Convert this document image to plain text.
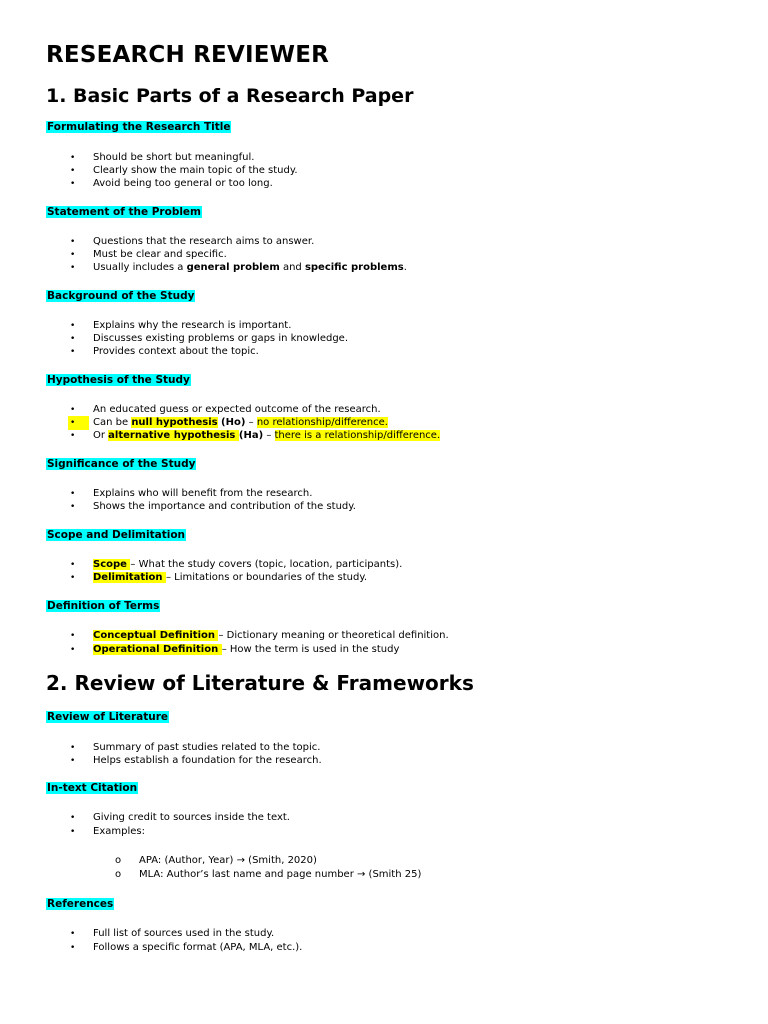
RESEARCH REVIEWER
1. Basic Parts of a Research Paper
Formulating the Research Title
• Should be short but meaningful.
• Clearly show the main topic of the study.
• Avoid being too general or too long.
Statement of the Problem
• Questions that the research aims to answer.
• Must be clear and specific.
• Usually includes a general problem and specific problems.
Background of the Study
• Explains why the research is important.
• Discusses existing problems or gaps in knowledge.
• Provides context about the topic.
Hypothesis of the Study
• An educated guess or expected outcome of the research.
•	Can be null hypothesis (Ho) – no relationship/difference.
• Or alternative hypothesis (Ha) – there is a relationship/difference.
Significance of the Study
• Explains who will benefit from the research.
• Shows the importance and contribution of the study.
Scope and Delimitation
• Scope – What the study covers (topic, location, participants).
• Delimitation – Limitations or boundaries of the study.
Definition of Terms
• Conceptual Definition – Dictionary meaning or theoretical definition.
• Operational Definition – How the term is used in the study
2. Review of Literature & Frameworks
Review of Literature
• Summary of past studies related to the topic.
• Helps establish a foundation for the research.
In-text Citation
• Giving credit to sources inside the text.
• Examples:
o APA: (Author, Year) → (Smith, 2020)
o MLA: Author’s last name and page number → (Smith 25)
References
• Full list of sources used in the study.
• Follows a specific format (APA, MLA, etc.).
